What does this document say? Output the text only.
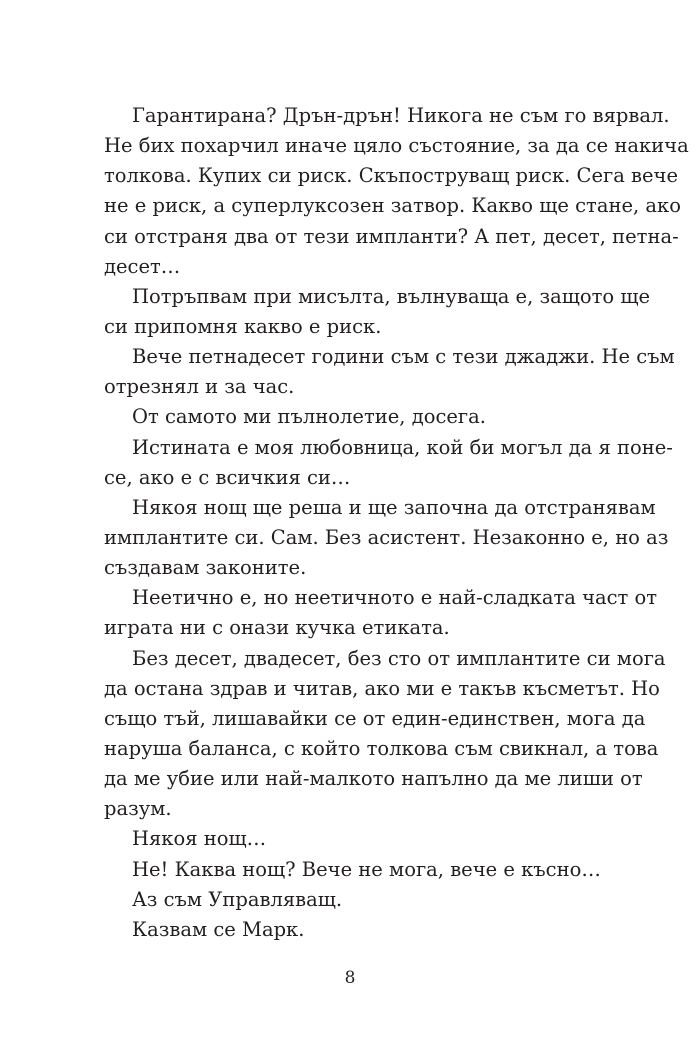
Гарантирана? Дрън-дрън! Никога не съм го вярвал.
Не бих похарчил иначе цяло състояние, за да се накича
толкова. Купих си риск. Скъпоструващ риск. Сега вече
не е риск, а суперлуксозен затвор. Какво ще стане, ако
си отстраня два от тези импланти? А пет, десет, петна-
десет…
Потръпвам при мисълта, вълнуваща е, защото ще
си припомня какво е риск.
Вече петнадесет години съм с тези джаджи. Не съм
отрезнял и за час.
От самото ми пълнолетие, досега.
Истината е моя любовница, кой би могъл да я поне-
се, ако е с всичкия си…
Някоя нощ ще реша и ще започна да отстранявам
имплантите си. Сам. Без асистент. Незаконно е, но аз
създавам законите.
Неетично е, но неетичното е най-сладката част от
играта ни с онази кучка етиката.
Без десет, двадесет, без сто от имплантите си мога
да остана здрав и читав, ако ми е такъв късметът. Но
също тъй, лишавайки се от един-единствен, мога да
наруша баланса, с който толкова съм свикнал, а това
да ме убие или най-малкото напълно да ме лиши от
разум.
Някоя нощ…
Не! Каква нощ? Вече не мога, вече е късно…
Аз съм Управляващ.
Казвам се Марк.
8
